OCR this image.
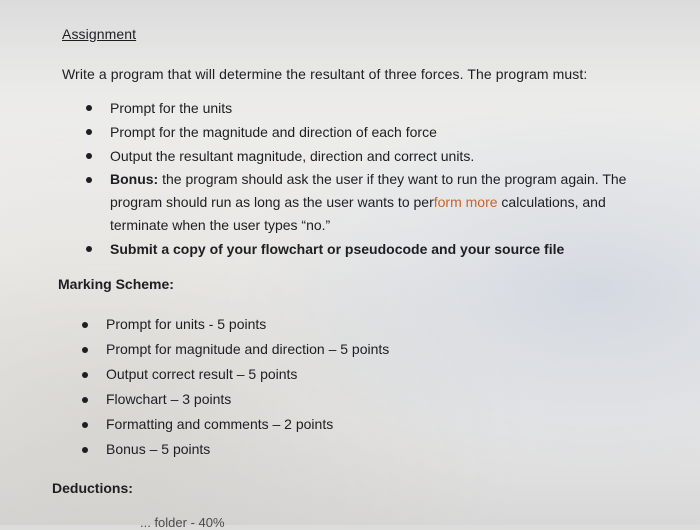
Assignment
Write a program that will determine the resultant of three forces. The program must:
Prompt for the units
Prompt for the magnitude and direction of each force
Output the resultant magnitude, direction and correct units.
Bonus: the program should ask the user if they want to run the program again. The program should run as long as the user wants to perform more calculations, and terminate when the user types “no.”
Submit a copy of your flowchart or pseudocode and your source file
Marking Scheme:
Prompt for units - 5 points
Prompt for magnitude and direction – 5 points
Output correct result – 5 points
Flowchart – 3 points
Formatting and comments – 2 points
Bonus – 5 points
Deductions:
... folder - 40%
